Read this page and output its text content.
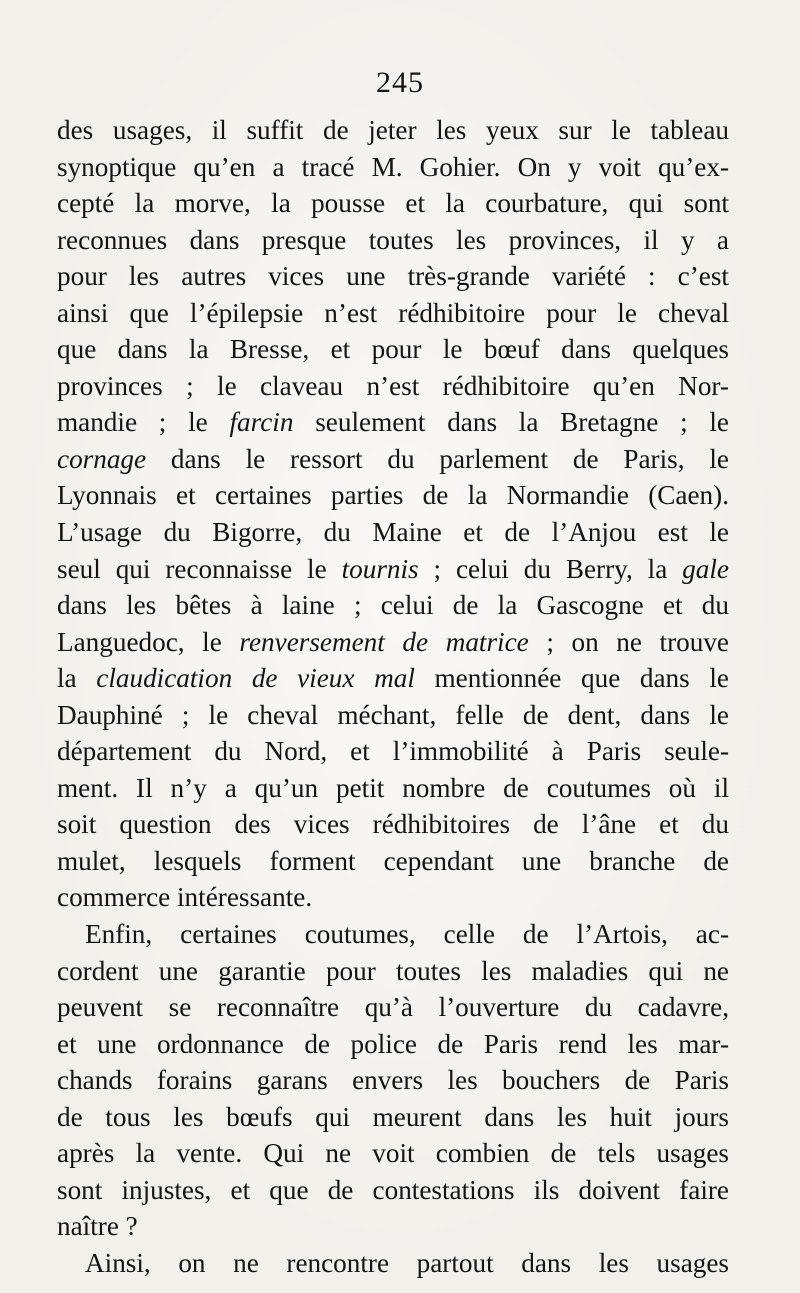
245
des usages, il suffit de jeter les yeux sur le tableau
synoptique qu’en a tracé M. Gohier. On y voit qu’ex-
cepté la morve, la pousse et la courbature, qui sont
reconnues dans presque toutes les provinces, il y a
pour les autres vices une très-grande variété : c’est
ainsi que l’épilepsie n’est rédhibitoire pour le cheval
que dans la Bresse, et pour le bœuf dans quelques
provinces ; le claveau n’est rédhibitoire qu’en Nor-
mandie ; le farcin seulement dans la Bretagne ; le
cornage dans le ressort du parlement de Paris, le
Lyonnais et certaines parties de la Normandie (Caen).
L’usage du Bigorre, du Maine et de l’Anjou est le
seul qui reconnaisse le tournis ; celui du Berry, la gale
dans les bêtes à laine ; celui de la Gascogne et du
Languedoc, le renversement de matrice ; on ne trouve
la claudication de vieux mal mentionnée que dans le
Dauphiné ; le cheval méchant, felle de dent, dans le
département du Nord, et l’immobilité à Paris seule-
ment. Il n’y a qu’un petit nombre de coutumes où il
soit question des vices rédhibitoires de l’âne et du
mulet, lesquels forment cependant une branche de
commerce intéressante.
Enfin, certaines coutumes, celle de l’Artois, ac-
cordent une garantie pour toutes les maladies qui ne
peuvent se reconnaître qu’à l’ouverture du cadavre,
et une ordonnance de police de Paris rend les mar-
chands forains garans envers les bouchers de Paris
de tous les bœufs qui meurent dans les huit jours
après la vente. Qui ne voit combien de tels usages
sont injustes, et que de contestations ils doivent faire
naître ?
Ainsi, on ne rencontre partout dans les usages
